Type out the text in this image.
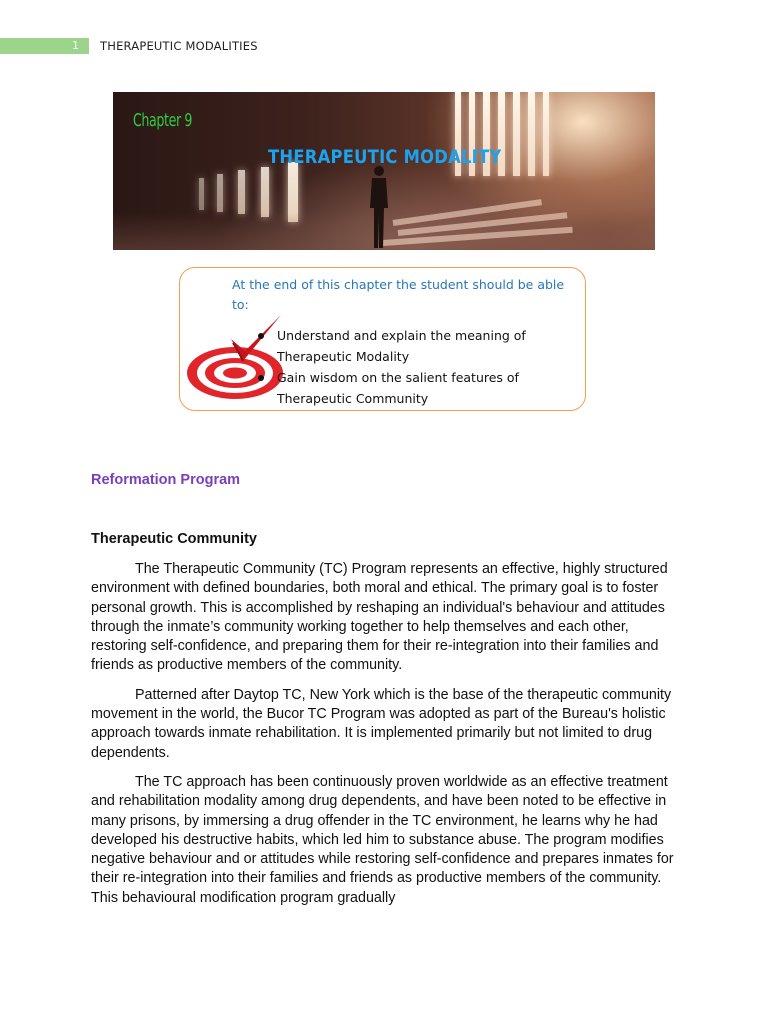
1	THERAPEUTIC MODALITIES
Chapter 9
THERAPEUTIC MODALITY
At the end of this chapter the student should be able to:
Understand and explain the meaning of Therapeutic Modality
Gain wisdom on the salient features of Therapeutic Community
Reformation Program
Therapeutic Community

The Therapeutic Community (TC) Program represents an effective, highly structured environment with defined boundaries, both moral and ethical. The primary goal is to foster personal growth. This is accomplished by reshaping an individual's behaviour and attitudes through the inmate’s community working together to help themselves and each other, restoring self-confidence, and preparing them for their re-integration into their families and friends as productive members of the community.

Patterned after Daytop TC, New York which is the base of the therapeutic community movement in the world, the Bucor TC Program was adopted as part of the Bureau's holistic approach towards inmate rehabilitation. It is implemented primarily but not limited to drug dependents.

The TC approach has been continuously proven worldwide as an effective treatment and rehabilitation modality among drug dependents, and have been noted to be effective in many prisons, by immersing a drug offender in the TC environment, he learns why he had developed his destructive habits, which led him to substance abuse. The program modifies negative behaviour and or attitudes while restoring self-confidence and prepares inmates for their re-integration into their families and friends as productive members of the community. This behavioural modification program gradually
